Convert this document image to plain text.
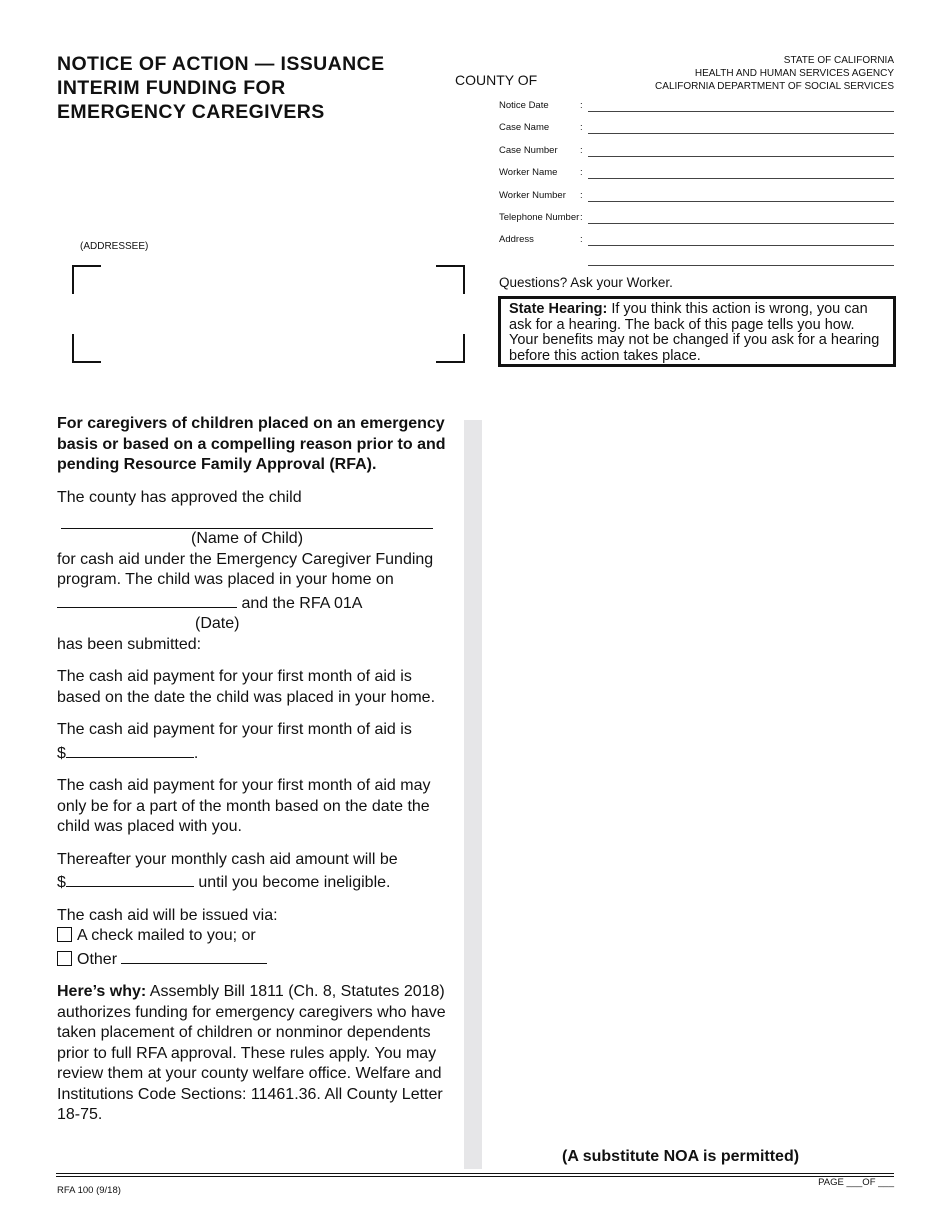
NOTICE OF ACTION — ISSUANCE
INTERIM FUNDING FOR
EMERGENCY CAREGIVERS
COUNTY OF
STATE OF CALIFORNIA
HEALTH AND HUMAN SERVICES AGENCY
CALIFORNIA DEPARTMENT OF SOCIAL SERVICES
Notice Date	:
Case Name	:
Case Number :
Worker Name :
Worker Number :
Telephone Number :
Address	:
(ADDRESSEE)
Questions? Ask your Worker.
State Hearing: If you think this action is wrong, you can ask for a hearing. The back of this page tells you how. Your benefits may not be changed if you ask for a hearing before this action takes place.

For caregivers of children placed on an emergency basis or based on a compelling reason prior to and pending Resource Family Approval (RFA).

The county has approved the child
(Name of Child)
for cash aid under the Emergency Caregiver Funding program. The child was placed in your home on  and the RFA 01A
(Date)
has been submitted:

The cash aid payment for your first month of aid is based on the date the child was placed in your home.

The cash aid payment for your first month of aid is
$	.

The cash aid payment for your first month of aid may only be for a part of the month based on the date the child was placed with you.

Thereafter your monthly cash aid amount will be
$	until you become ineligible.

The cash aid will be issued via:
A check mailed to you; or
Other

Here’s why: Assembly Bill 1811 (Ch. 8, Statutes 2018) authorizes funding for emergency caregivers who have taken placement of children or nonminor dependents prior to full RFA approval. These rules apply. You may review them at your county welfare office. Welfare and Institutions Code Sections: 11461.36. All County Letter 18-75.

(A substitute NOA is permitted)
RFA 100 (9/18)
PAGE ___OF ___
